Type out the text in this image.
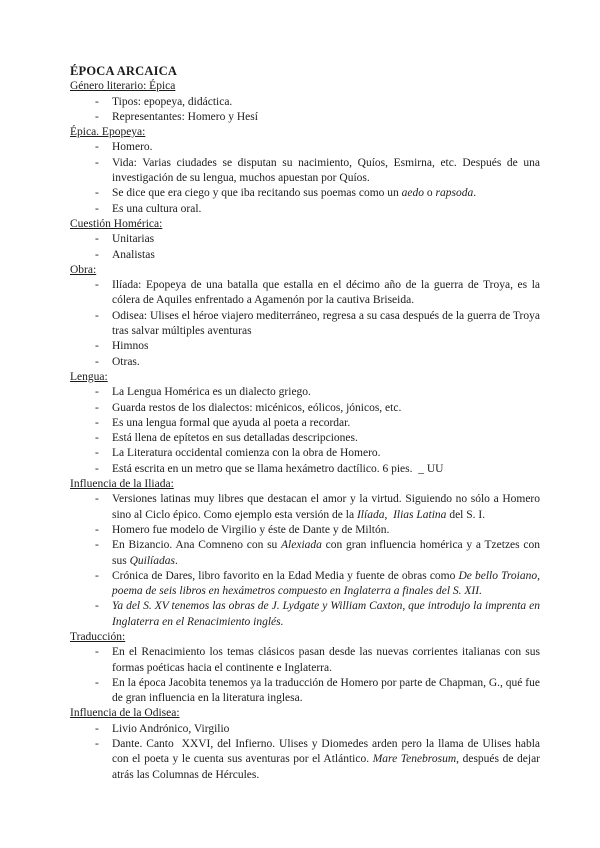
ÉPOCA ARCAICA
Género literario: Épica
- Tipos: epopeya, didáctica.
- Representantes: Homero y Hesí
Épica. Epopeya:
- Homero.
- Vida: Varias ciudades se disputan su nacimiento, Quíos, Esmirna, etc. Después de una investigación de su lengua, muchos apuestan por Quíos.
- Se dice que era ciego y que iba recitando sus poemas como un aedo o rapsoda.
- Es una cultura oral.
Cuestión Homérica:
- Unitarias
- Analistas
Obra:
- Ilíada: Epopeya de una batalla que estalla en el décimo año de la guerra de Troya, es la cólera de Aquiles enfrentado a Agamenón por la cautiva Briseida.
- Odisea: Ulises el héroe viajero mediterráneo, regresa a su casa después de la guerra de Troya tras salvar múltiples aventuras
- Himnos
- Otras.
Lengua:
- La Lengua Homérica es un dialecto griego.
- Guarda restos de los dialectos: micénicos, eólicos, jónicos, etc.
- Es una lengua formal que ayuda al poeta a recordar.
- Está llena de epítetos en sus detalladas descripciones.
- La Literatura occidental comienza con la obra de Homero.
- Está escrita en un metro que se llama hexámetro dactílico. 6 pies.  _ UU
Influencia de la Iliada:
- Versiones latinas muy libres que destacan el amor y la virtud. Siguiendo no sólo a Homero sino al Ciclo épico. Como ejemplo esta versión de la Ilíada,  Ilias Latina del S. I.
- Homero fue modelo de Virgilio y éste de Dante y de Miltón.
- En Bizancio. Ana Comneno con su Alexiada con gran influencia homérica y a Tzetzes con sus Quilíadas.
- Crónica de Dares, libro favorito en la Edad Media y fuente de obras como De bello Troiano, poema de seis libros en hexámetros compuesto en Inglaterra a finales del S. XII.
- Ya del S. XV tenemos las obras de J. Lydgate y William Caxton, que introdujo la imprenta en Inglaterra en el Renacimiento inglés.
Traducción:
- En el Renacimiento los temas clásicos pasan desde las nuevas corrientes italianas con sus formas poéticas hacia el continente e Inglaterra.
- En la época Jacobita tenemos ya la traducción de Homero por parte de Chapman, G., qué fue de gran influencia en la literatura inglesa.
Influencia de la Odisea:
- Livio Andrónico, Virgilio
- Dante. Canto  XXVI, del Infierno. Ulises y Diomedes arden pero la llama de Ulises habla con el poeta y le cuenta sus aventuras por el Atlántico. Mare Tenebrosum, después de dejar atrás las Columnas de Hércules.
